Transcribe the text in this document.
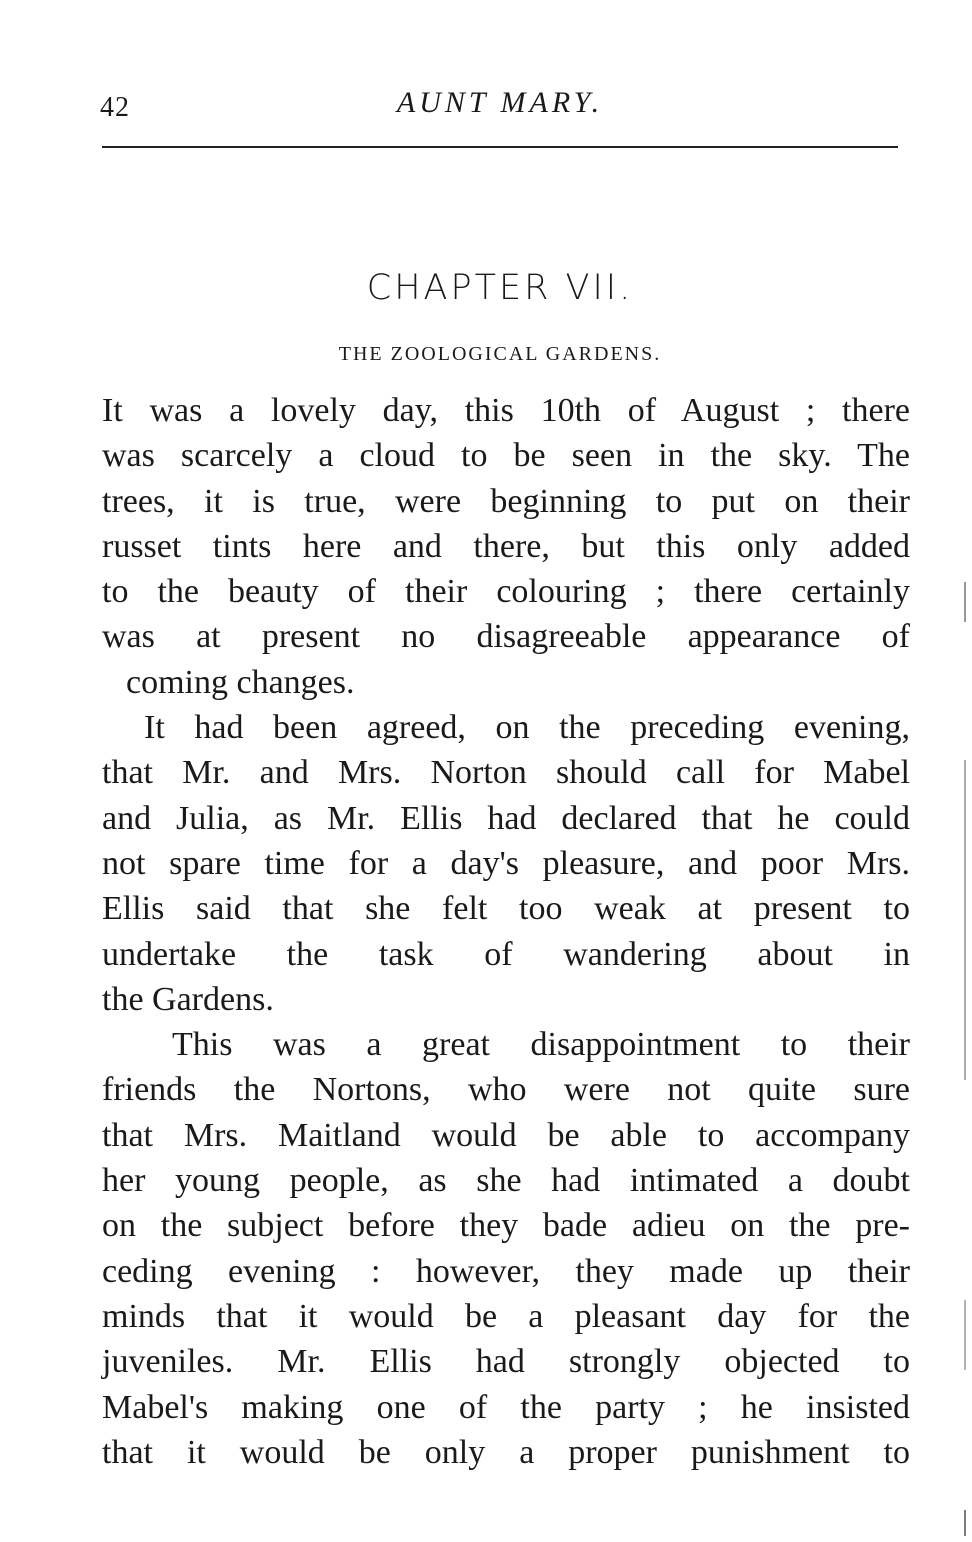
42	AUNT MARY.
CHAPTER VII.
THE ZOOLOGICAL GARDENS.
It was a lovely day, this 10th of August ; there
was scarcely a cloud to be seen in the sky. The
trees, it is true, were beginning to put on their
russet tints here and there, but this only added
to the beauty of their colouring ; there certainly
was at present no disagreeable appearance of
coming changes.
It had been agreed, on the preceding evening,
that Mr. and Mrs. Norton should call for Mabel
and Julia, as Mr. Ellis had declared that he could
not spare time for a day's pleasure, and poor Mrs.
Ellis said that she felt too weak at present to
undertake the task of wandering about in
the Gardens.
This was a great disappointment to their
friends the Nortons, who were not quite sure
that Mrs. Maitland would be able to accompany
her young people, as she had intimated a doubt
on the subject before they bade adieu on the pre-
ceding evening : however, they made up their
minds that it would be a pleasant day for the
juveniles. Mr. Ellis had strongly objected to
Mabel's making one of the party ; he insisted
that it would be only a proper punishment to
